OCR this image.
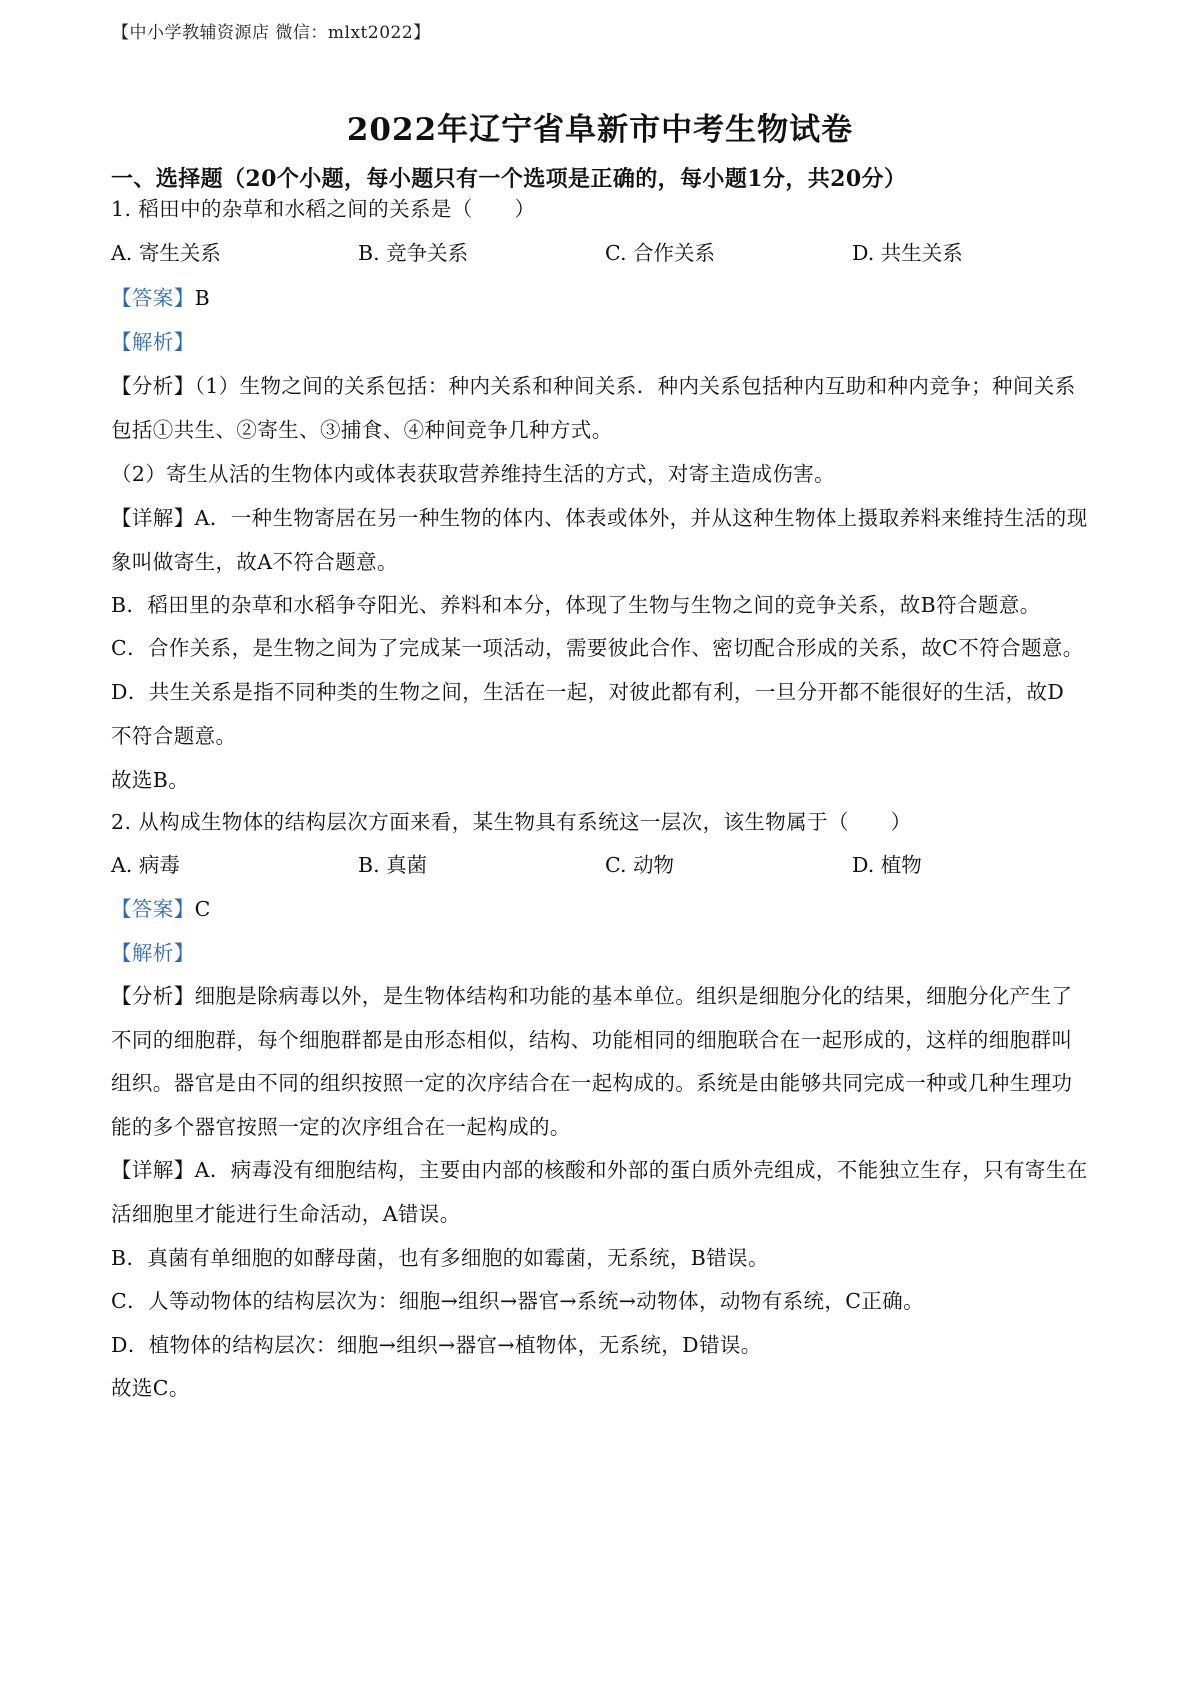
【中小学教辅资源店 微信：mlxt2022】
2022年辽宁省阜新市中考生物试卷
一、选择题（20个小题，每小题只有一个选项是正确的，每小题1分，共20分）
1. 稻田中的杂草和水稻之间的关系是（　　）
A. 寄生关系	B. 竞争关系	C. 合作关系	D. 共生关系
【答案】B
【解析】
【分析】（1）生物之间的关系包括：种内关系和种间关系．种内关系包括种内互助和种内竞争；种间关系
包括①共生、②寄生、③捕食、④种间竞争几种方式。
（2）寄生从活的生物体内或体表获取营养维持生活的方式，对寄主造成伤害。
【详解】A．一种生物寄居在另一种生物的体内、体表或体外，并从这种生物体上摄取养料来维持生活的现
象叫做寄生，故A不符合题意。
B．稻田里的杂草和水稻争夺阳光、养料和本分，体现了生物与生物之间的竞争关系，故B符合题意。
C．合作关系，是生物之间为了完成某一项活动，需要彼此合作、密切配合形成的关系，故C不符合题意。
D．共生关系是指不同种类的生物之间，生活在一起，对彼此都有利，一旦分开都不能很好的生活，故D
不符合题意。
故选B。
2. 从构成生物体的结构层次方面来看，某生物具有系统这一层次，该生物属于（　　）
A. 病毒	B. 真菌	C. 动物	D. 植物
【答案】C
【解析】
【分析】细胞是除病毒以外，是生物体结构和功能的基本单位。组织是细胞分化的结果，细胞分化产生了
不同的细胞群，每个细胞群都是由形态相似，结构、功能相同的细胞联合在一起形成的，这样的细胞群叫
组织。器官是由不同的组织按照一定的次序结合在一起构成的。系统是由能够共同完成一种或几种生理功
能的多个器官按照一定的次序组合在一起构成的。
【详解】A．病毒没有细胞结构，主要由内部的核酸和外部的蛋白质外壳组成，不能独立生存，只有寄生在
活细胞里才能进行生命活动，A错误。
B．真菌有单细胞的如酵母菌，也有多细胞的如霉菌，无系统，B错误。
C．人等动物体的结构层次为：细胞→组织→器官→系统→动物体，动物有系统，C正确。
D．植物体的结构层次：细胞→组织→器官→植物体，无系统，D错误。
故选C。
